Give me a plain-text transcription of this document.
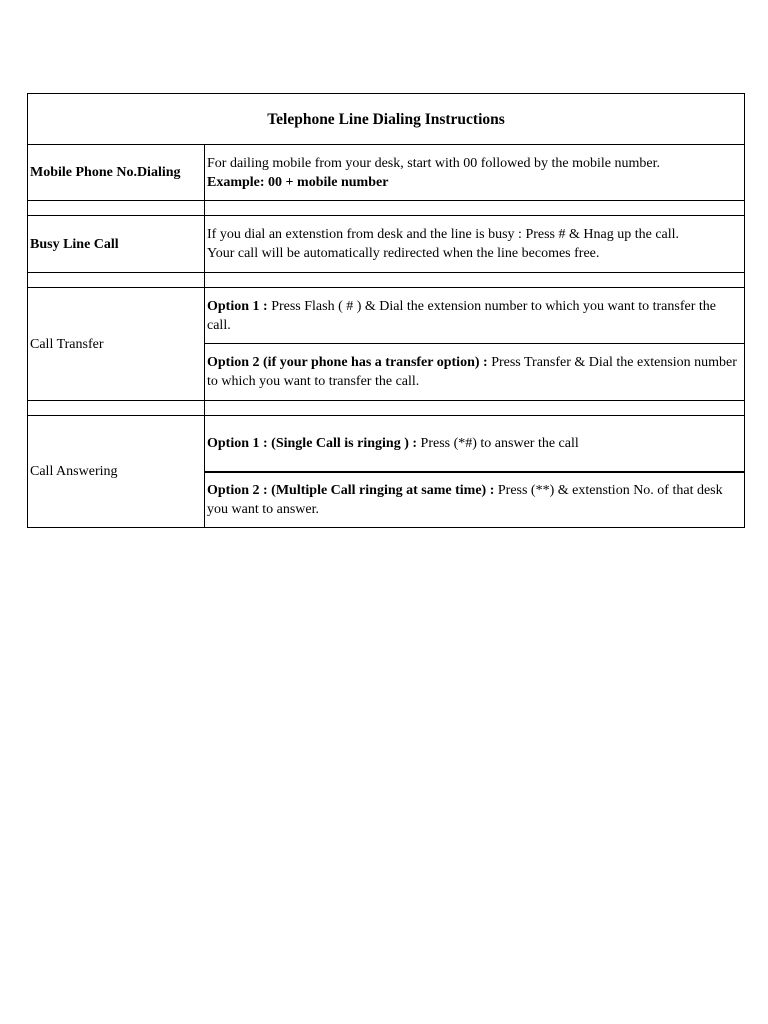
Telephone Line Dialing Instructions	
Mobile Phone No.Dialing	For dailing mobile from your desk, start with 00 followed by the mobile number.
Example: 00 + mobile number

Busy Line Call	If you dial an extenstion from desk and the line is busy : Press # & Hnag up the call.
Your call will be automatically redirected when the line becomes free.

Call Transfer	Option 1 : Press Flash ( # ) & Dial the extension number to which you want to transfer the call.
	Option 2 (if your phone has a transfer option) : Press Transfer & Dial the extension number to which you want to transfer the call.

Call Answering	Option 1 : (Single Call is ringing ) : Press (*#) to answer the call
	Option 2 : (Multiple Call ringing at same time) : Press (**) & extenstion No. of that desk you want to answer.
